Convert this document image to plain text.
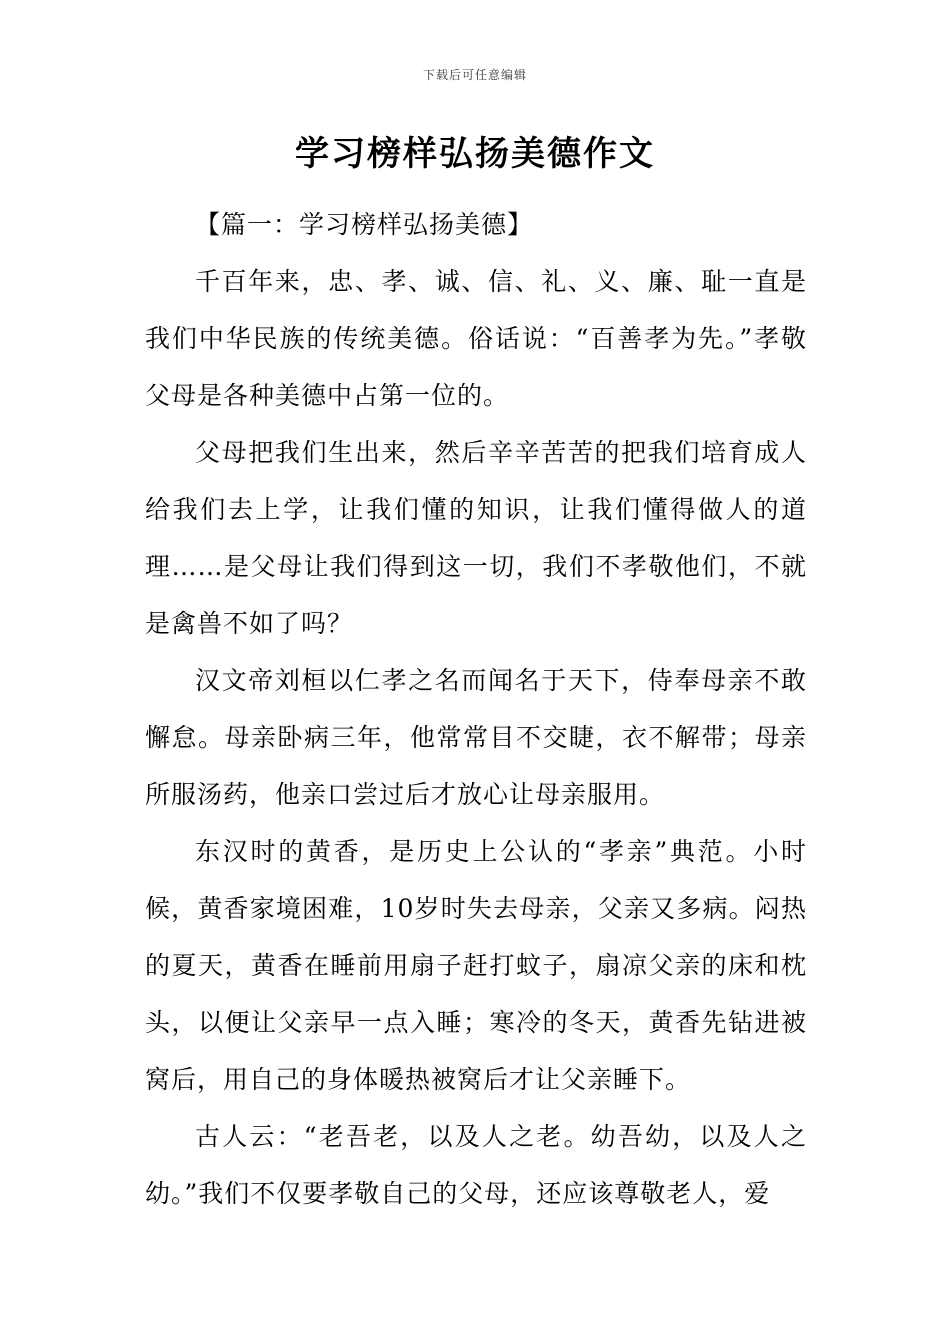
下载后可任意编辑
学习榜样弘扬美德作文

【篇一：学习榜样弘扬美德】

千百年来，忠、孝、诚、信、礼、义、廉、耻一直是我们中华民族的传统美德。俗话说：“百善孝为先。”孝敬父母是各种美德中占第一位的。

父母把我们生出来，然后辛辛苦苦的把我们培育成人给我们去上学，让我们懂的知识，让我们懂得做人的道理……是父母让我们得到这一切，我们不孝敬他们，不就是禽兽不如了吗？

汉文帝刘桓以仁孝之名而闻名于天下，侍奉母亲不敢懈怠。母亲卧病三年，他常常目不交睫，衣不解带；母亲所服汤药，他亲口尝过后才放心让母亲服用。

东汉时的黄香，是历史上公认的“孝亲”典范。小时候，黄香家境困难，10岁时失去母亲，父亲又多病。闷热的夏天，黄香在睡前用扇子赶打蚊子，扇凉父亲的床和枕头，以便让父亲早一点入睡；寒冷的冬天，黄香先钻进被窝后，用自己的身体暖热被窝后才让父亲睡下。

古人云：“老吾老，以及人之老。幼吾幼，以及人之幼。”我们不仅要孝敬自己的父母，还应该尊敬老人，爱
